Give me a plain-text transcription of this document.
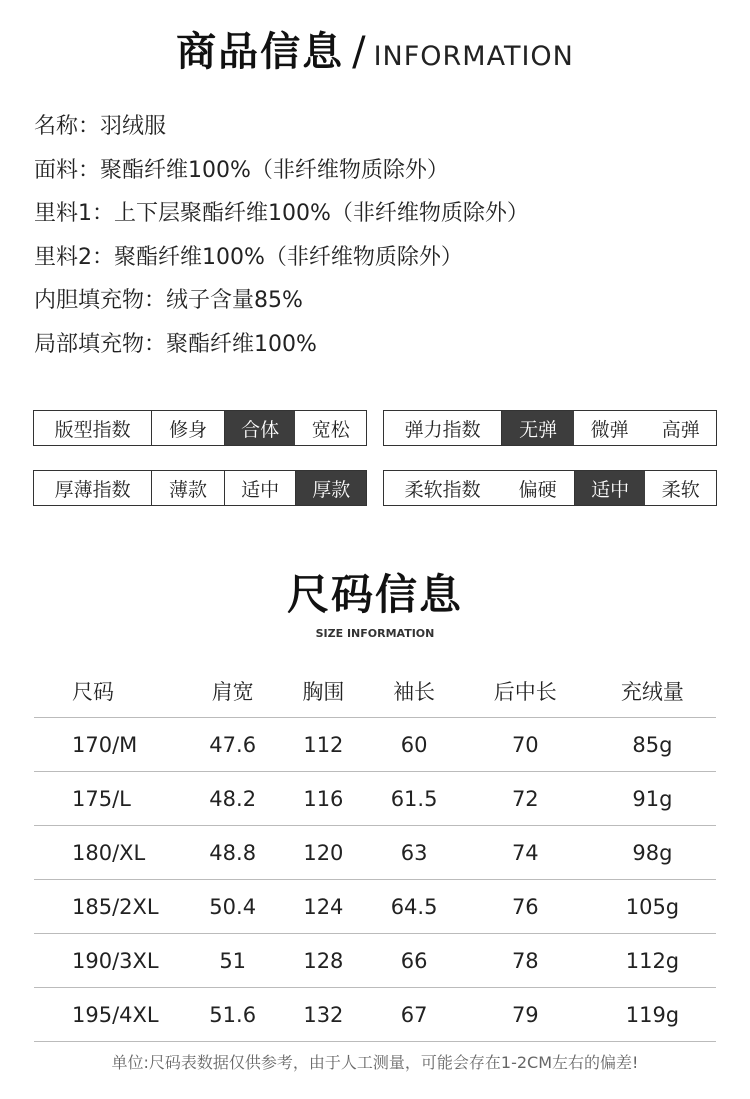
商品信息 / INFORMATION
名称：羽绒服
面料：聚酯纤维100%（非纤维物质除外）
里料1：上下层聚酯纤维100%（非纤维物质除外）
里料2：聚酯纤维100%（非纤维物质除外）
内胆填充物：绒子含量85%
局部填充物：聚酯纤维100%
版型指数	修身	合体	宽松	弹力指数	无弹	微弹	高弹
厚薄指数	薄款	适中	厚款	柔软指数	偏硬	适中	柔软
尺码信息
SIZE INFORMATION
尺码	肩宽	胸围	袖长	后中长	充绒量
170/M	47.6	112	60	70	85g
175/L	48.2	116	61.5	72	91g
180/XL	48.8	120	63	74	98g
185/2XL	50.4	124	64.5	76	105g
190/3XL	51	128	66	78	112g
195/4XL	51.6	132	67	79	119g
单位:尺码表数据仅供参考，由于人工测量，可能会存在1-2CM左右的偏差!
